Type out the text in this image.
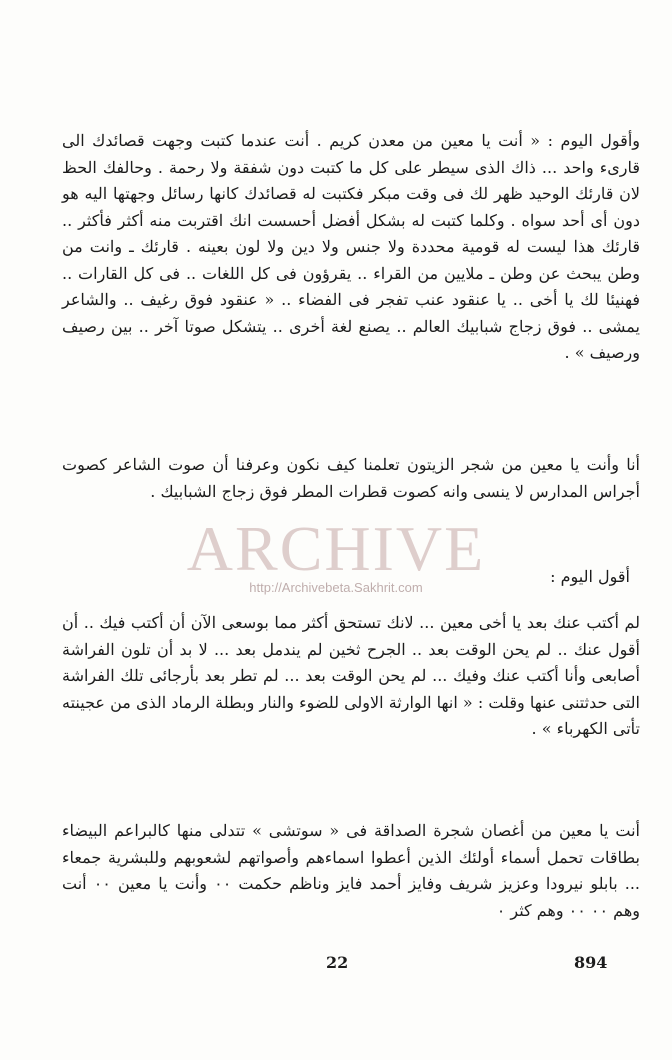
وأقول اليوم : « أنت يا معين من معدن كريم . أنت عندما كتبت وجهت قصائدك الى قارىء واحد ... ذاك الذى سيطر على كل ما كتبت دون شفقة ولا رحمة . وحالفك الحظ لان قارئك الوحيد ظهر لك فى وقت مبكر فكتبت له قصائدك كانها رسائل وجهتها اليه هو دون أى أحد سواه . وكلما كتبت له بشكل أفضل أحسست انك اقتربت منه أكثر فأكثر .. قارئك هذا ليست له قومية محددة ولا جنس ولا دين ولا لون بعينه . قارئك ـ وانت من وطن يبحث عن وطن ـ ملايين من القراء .. يقرؤون فى كل اللغات .. فى كل القارات .. فهنيئا لك يا أخى .. يا عنقود عنب تفجر فى الفضاء .. « عنقود فوق رغيف .. والشاعر يمشى .. فوق زجاج شبابيك العالم .. يصنع لغة أخرى .. يتشكل صوتا آخر .. بين رصيف ورصيف » .

أنا وأنت يا معين من شجر الزيتون تعلمنا كيف نكون وعرفنا أن صوت الشاعر كصوت أجراس المدارس لا ينسى وانه كصوت قطرات المطر فوق زجاج الشبابيك .

أقول اليوم :

لم أكتب عنك بعد يا أخى معين ... لانك تستحق أكثر مما بوسعى الآن أن أكتب فيك .. أن أقول عنك .. لم يحن الوقت بعد .. الجرح ثخين لم يندمل بعد ... لا بد أن تلون الفراشة أصابعى وأنا أكتب عنك وفيك ... لم يحن الوقت بعد ... لم تطر بعد بأرجائى تلك الفراشة التى حدثتنى عنها وقلت : « انها الوارثة الاولى للضوء والنار وبطلة الرماد الذى من عجينته تأتى الكهرباء » .

أنت يا معين من أغصان شجرة الصداقة فى « سوتشى » تتدلى منها كالبراعم البيضاء بطاقات تحمل أسماء أولئك الذين أعطوا اسماءهم وأصواتهم لشعوبهم وللبشرية جمعاء ... بابلو نيرودا وعزيز شريف وفايز أحمد فايز وناظم حكمت ٠٠ وأنت يا معين ٠٠ أنت وهم ٠٠ ٠٠ وهم كثر ٠

ARCHIVE
http://Archivebeta.Sakhrit.com
22	894
